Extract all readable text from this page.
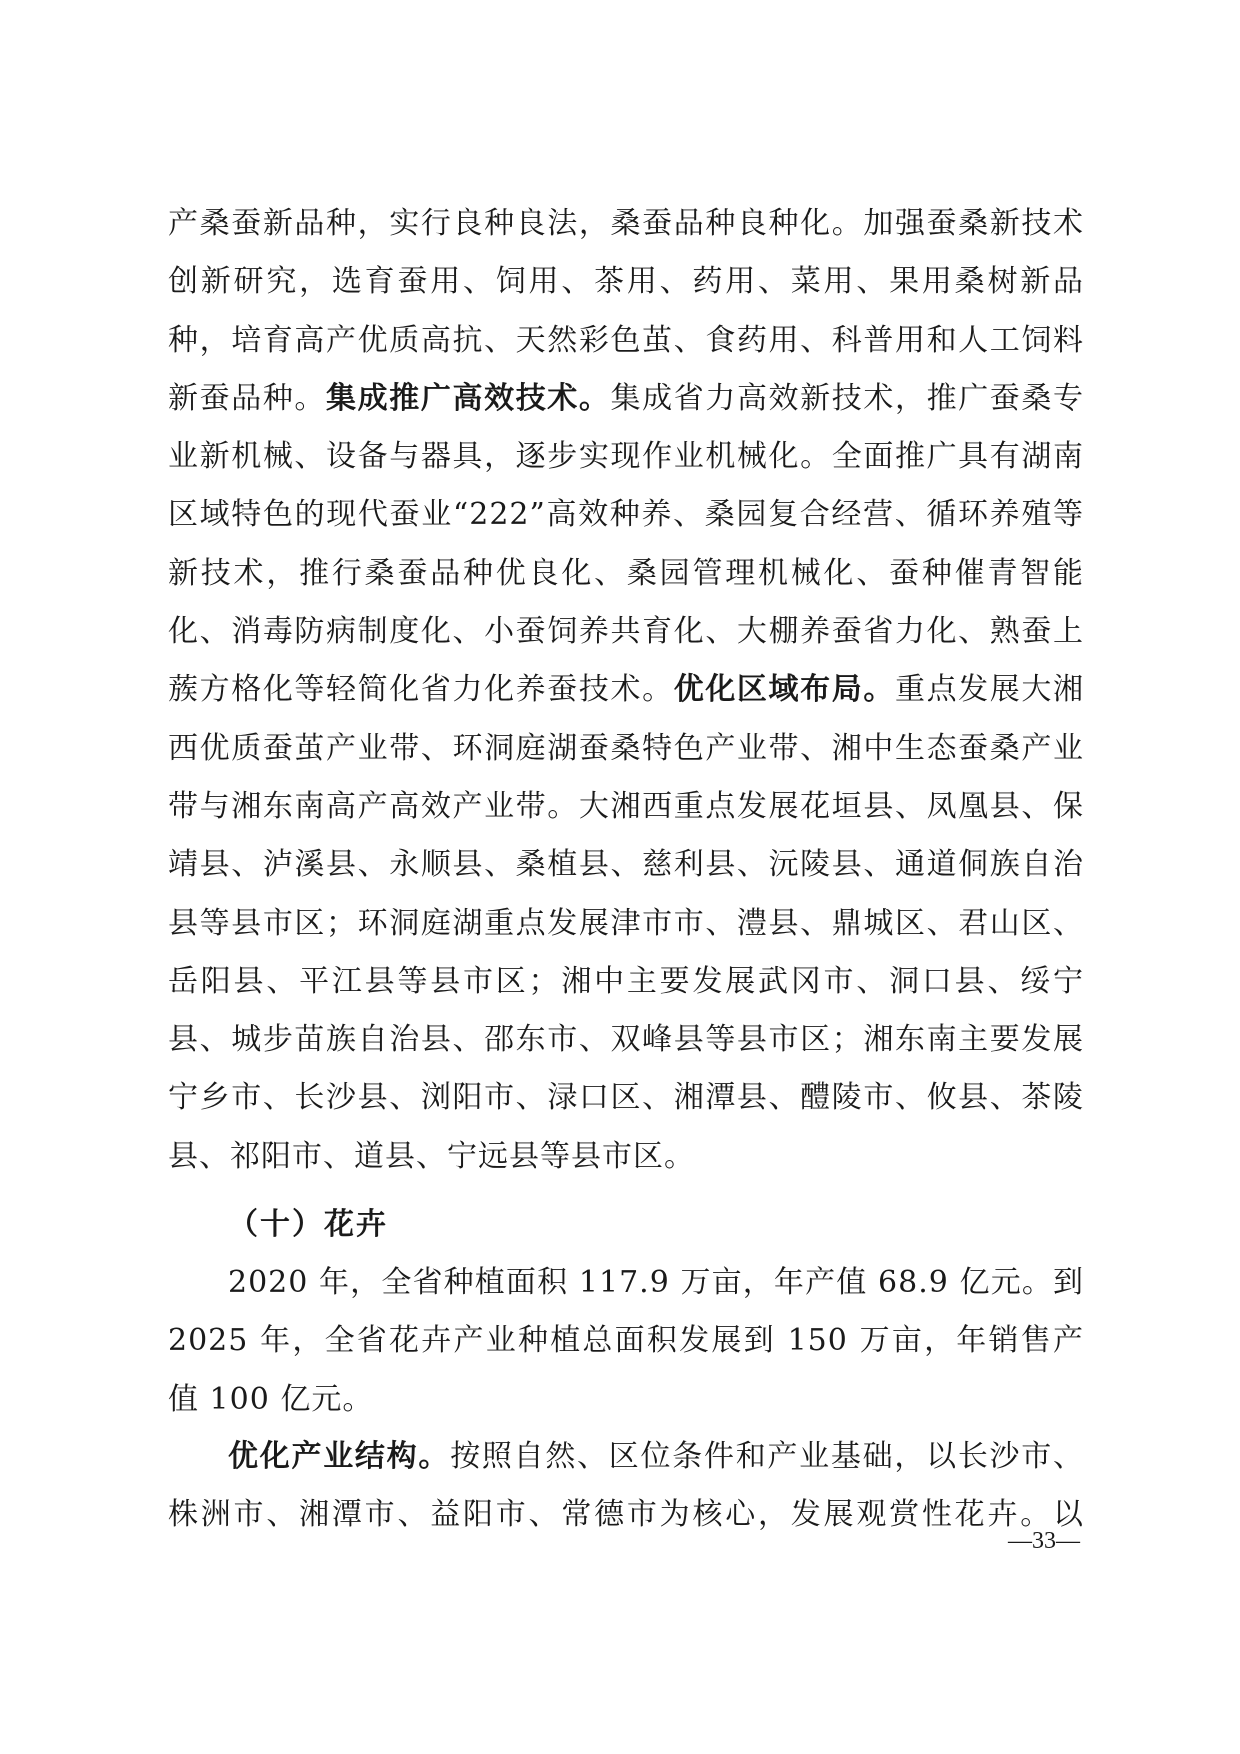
产桑蚕新品种，实行良种良法，桑蚕品种良种化。加强蚕桑新技术创新研究，选育蚕用、饲用、茶用、药用、菜用、果用桑树新品种，培育高产优质高抗、天然彩色茧、食药用、科普用和人工饲料新蚕品种。集成推广高效技术。集成省力高效新技术，推广蚕桑专业新机械、设备与器具，逐步实现作业机械化。全面推广具有湖南区域特色的现代蚕业“222”高效种养、桑园复合经营、循环养殖等新技术，推行桑蚕品种优良化、桑园管理机械化、蚕种催青智能化、消毒防病制度化、小蚕饲养共育化、大棚养蚕省力化、熟蚕上蔟方格化等轻简化省力化养蚕技术。优化区域布局。重点发展大湘西优质蚕茧产业带、环洞庭湖蚕桑特色产业带、湘中生态蚕桑产业带与湘东南高产高效产业带。大湘西重点发展花垣县、凤凰县、保靖县、泸溪县、永顺县、桑植县、慈利县、沅陵县、通道侗族自治县等县市区；环洞庭湖重点发展津市市、澧县、鼎城区、君山区、岳阳县、平江县等县市区；湘中主要发展武冈市、洞口县、绥宁县、城步苗族自治县、邵东市、双峰县等县市区；湘东南主要发展宁乡市、长沙县、浏阳市、渌口区、湘潭县、醴陵市、攸县、茶陵县、祁阳市、道县、宁远县等县市区。

（十）花卉

2020 年，全省种植面积 117.9 万亩，年产值 68.9 亿元。到 2025 年，全省花卉产业种植总面积发展到 150 万亩，年销售产值 100 亿元。

优化产业结构。按照自然、区位条件和产业基础，以长沙市、株洲市、湘潭市、益阳市、常德市为核心，发展观赏性花卉。以

—33—
